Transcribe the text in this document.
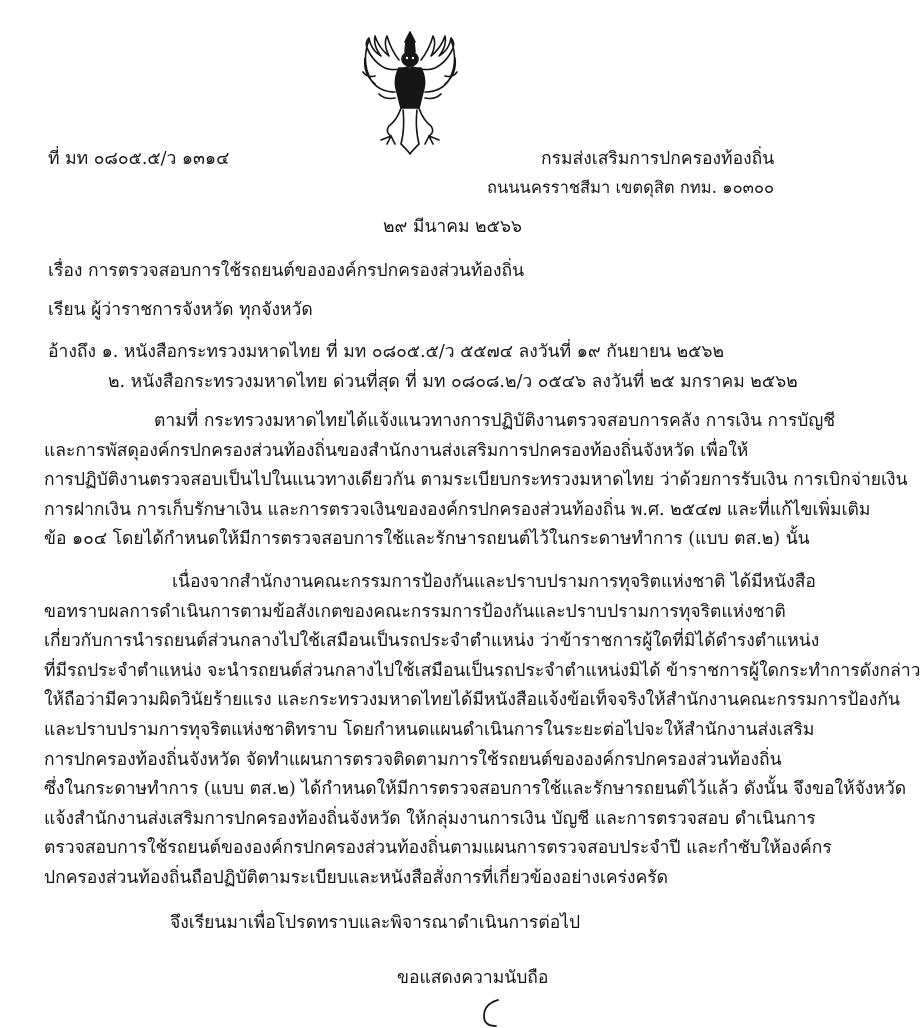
ที่ มท ๐๘๐๕.๕/ว ๑๓๑๔	กรมส่งเสริมการปกครองท้องถิ่น
ถนนนครราชสีมา เขตดุสิต กทม. ๑๐๓๐๐
๒๙ มีนาคม ๒๕๖๖
เรื่อง การตรวจสอบการใช้รถยนต์ขององค์กรปกครองส่วนท้องถิ่น
เรียน ผู้ว่าราชการจังหวัด ทุกจังหวัด
อ้างถึง ๑. หนังสือกระทรวงมหาดไทย ที่ มท ๐๘๐๕.๕/ว ๕๕๗๔ ลงวันที่ ๑๙ กันยายน ๒๕๖๒
๒. หนังสือกระทรวงมหาดไทย ด่วนที่สุด ที่ มท ๐๘๐๘.๒/ว ๐๕๔๖ ลงวันที่ ๒๕ มกราคม ๒๕๖๒
ตามที่ กระทรวงมหาดไทยได้แจ้งแนวทางการปฏิบัติงานตรวจสอบการคลัง การเงิน การบัญชี
และการพัสดุองค์กรปกครองส่วนท้องถิ่นของสำนักงานส่งเสริมการปกครองท้องถิ่นจังหวัด เพื่อให้
การปฏิบัติงานตรวจสอบเป็นไปในแนวทางเดียวกัน ตามระเบียบกระทรวงมหาดไทย ว่าด้วยการรับเงิน การเบิกจ่ายเงิน
การฝากเงิน การเก็บรักษาเงิน และการตรวจเงินขององค์กรปกครองส่วนท้องถิ่น พ.ศ. ๒๕๔๗ และที่แก้ไขเพิ่มเติม
ข้อ ๑๐๔ โดยได้กำหนดให้มีการตรวจสอบการใช้และรักษารถยนต์ไว้ในกระดาษทำการ (แบบ ตส.๒) นั้น
เนื่องจากสำนักงานคณะกรรมการป้องกันและปราบปรามการทุจริตแห่งชาติ ได้มีหนังสือ
ขอทราบผลการดำเนินการตามข้อสังเกตของคณะกรรมการป้องกันและปราบปรามการทุจริตแห่งชาติ
เกี่ยวกับการนำรถยนต์ส่วนกลางไปใช้เสมือนเป็นรถประจำตำแหน่ง ว่าข้าราชการผู้ใดที่มิได้ดำรงตำแหน่ง
ที่มีรถประจำตำแหน่ง จะนำรถยนต์ส่วนกลางไปใช้เสมือนเป็นรถประจำตำแหน่งมิได้ ข้าราชการผู้ใดกระทำการดังกล่าว
ให้ถือว่ามีความผิดวินัยร้ายแรง และกระทรวงมหาดไทยได้มีหนังสือแจ้งข้อเท็จจริงให้สำนักงานคณะกรรมการป้องกัน
และปราบปรามการทุจริตแห่งชาติทราบ โดยกำหนดแผนดำเนินการในระยะต่อไปจะให้สำนักงานส่งเสริม
การปกครองท้องถิ่นจังหวัด จัดทำแผนการตรวจติดตามการใช้รถยนต์ขององค์กรปกครองส่วนท้องถิ่น
ซึ่งในกระดาษทำการ (แบบ ตส.๒) ได้กำหนดให้มีการตรวจสอบการใช้และรักษารถยนต์ไว้แล้ว ดังนั้น จึงขอให้จังหวัด
แจ้งสำนักงานส่งเสริมการปกครองท้องถิ่นจังหวัด ให้กลุ่มงานการเงิน บัญชี และการตรวจสอบ ดำเนินการ
ตรวจสอบการใช้รถยนต์ขององค์กรปกครองส่วนท้องถิ่นตามแผนการตรวจสอบประจำปี และกำชับให้องค์กร
ปกครองส่วนท้องถิ่นถือปฏิบัติตามระเบียบและหนังสือสั่งการที่เกี่ยวข้องอย่างเคร่งครัด
จึงเรียนมาเพื่อโปรดทราบและพิจารณาดำเนินการต่อไป
ขอแสดงความนับถือ
